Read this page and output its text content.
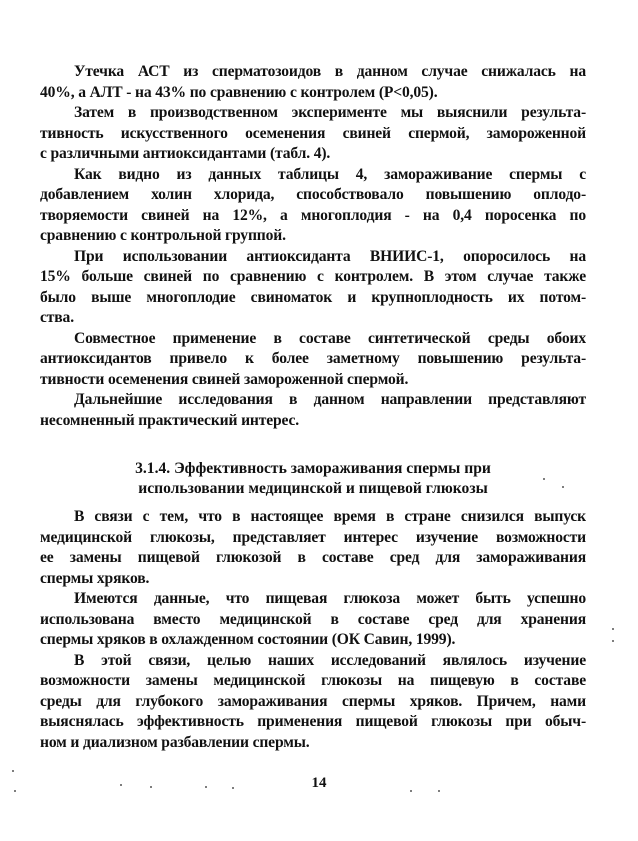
Утечка АСТ из сперматозоидов в данном случае снижалась на
40%, а АЛТ - на 43% по сравнению с контролем (Р<0,05).

Затем в производственном эксперименте мы выяснили результа-
тивность искусственного осеменения свиней спермой, замороженной
с различными антиоксидантами (табл. 4).

Как видно из данных таблицы 4, замораживание спермы с
добавлением холин хлорида, способствовало повышению оплодо-
творяемости свиней на 12%, а многоплодия - на 0,4 поросенка по
сравнению с контрольной группой.

При использовании антиоксиданта ВНИИС-1, опоросилось на
15% больше свиней по сравнению с контролем. В этом случае также
было выше многоплодие свиноматок и крупноплодность их потом-
ства.

Совместное применение в составе синтетической среды обоих
антиоксидантов привело к более заметному повышению результа-
тивности осеменения свиней замороженной спермой.

Дальнейшие исследования в данном направлении представляют
несомненный практический интерес.

3.1.4. Эффективность замораживания спермы при
использовании медицинской и пищевой глюкозы

В связи с тем, что в настоящее время в стране снизился выпуск
медицинской глюкозы, представляет интерес изучение возможности
ее замены пищевой глюкозой в составе сред для замораживания
спермы хряков.

Имеются данные, что пищевая глюкоза может быть успешно
использована вместо медицинской в составе сред для хранения
спермы хряков в охлажденном состоянии (ОК Савин, 1999).

В этой связи, целью наших исследований являлось изучение
возможности замены медицинской глюкозы на пищевую в составе
среды для глубокого замораживания спермы хряков. Причем, нами
выяснялась эффективность применения пищевой глюкозы при обыч-
ном и диализном разбавлении спермы.

14
